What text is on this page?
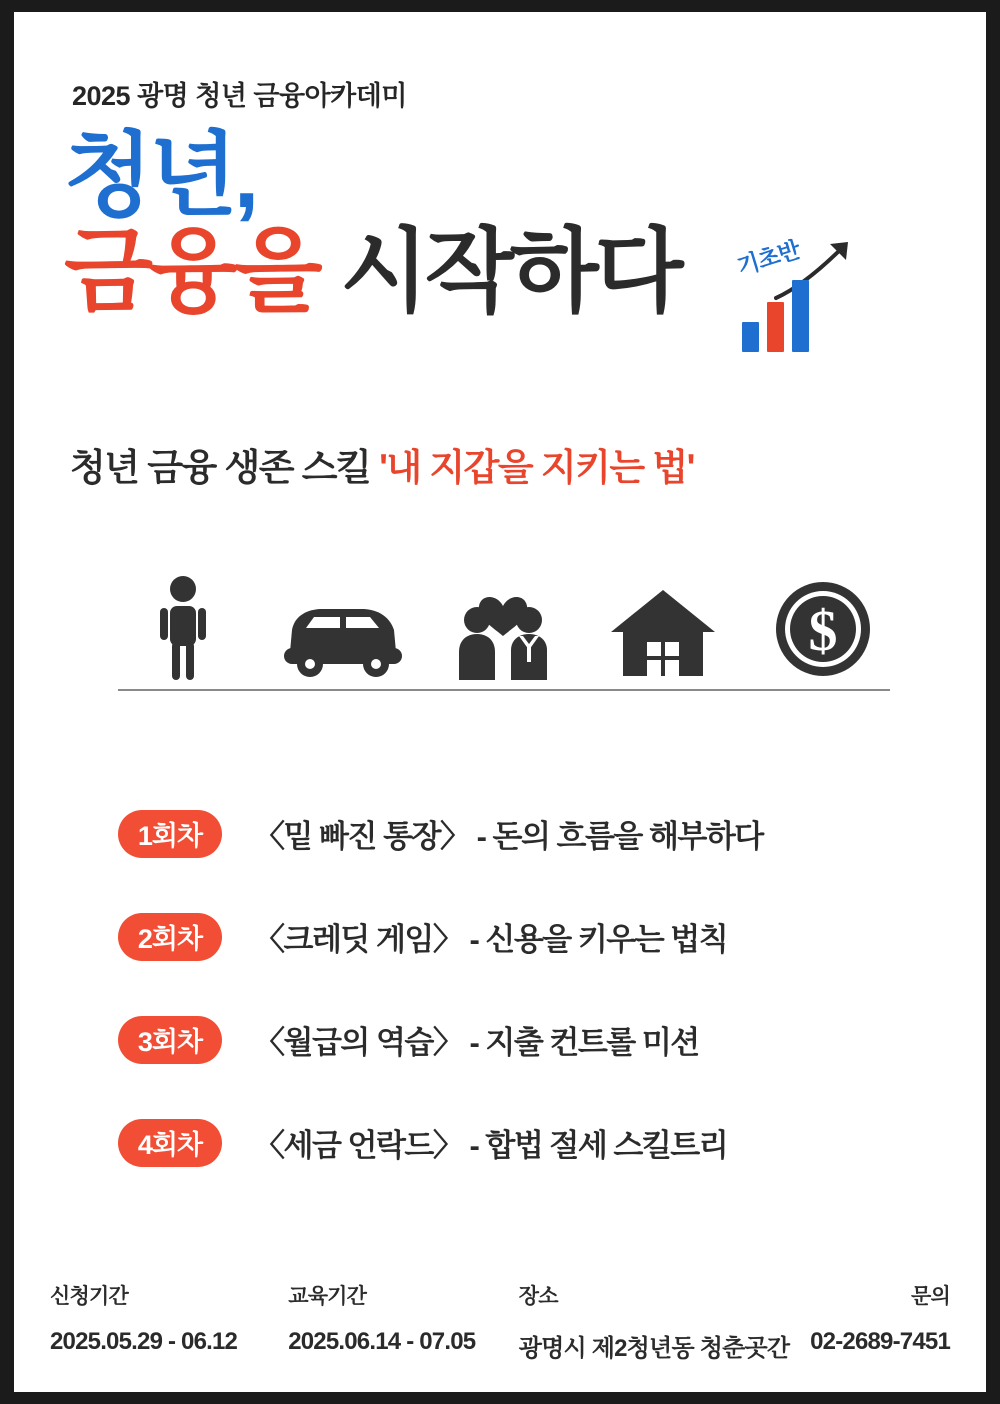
2025 광명 청년 금융아카데미
청년,
금융을 시작하다	기초반
청년 금융 생존 스킬 '내 지갑을 지키는 법'
$
1회차	〈밑 빠진 통장〉 - 돈의 흐름을 해부하다
2회차	〈크레딧 게임〉 - 신용을 키우는 법칙
3회차	〈월급의 역습〉 - 지출 컨트롤 미션
4회차	〈세금 언락드〉 - 합법 절세 스킬트리
신청기간
2025.05.29 - 06.12
교육기간
2025.06.14 - 07.05
장소
광명시 제2청년동 청춘곳간
문의
02-2689-7451
